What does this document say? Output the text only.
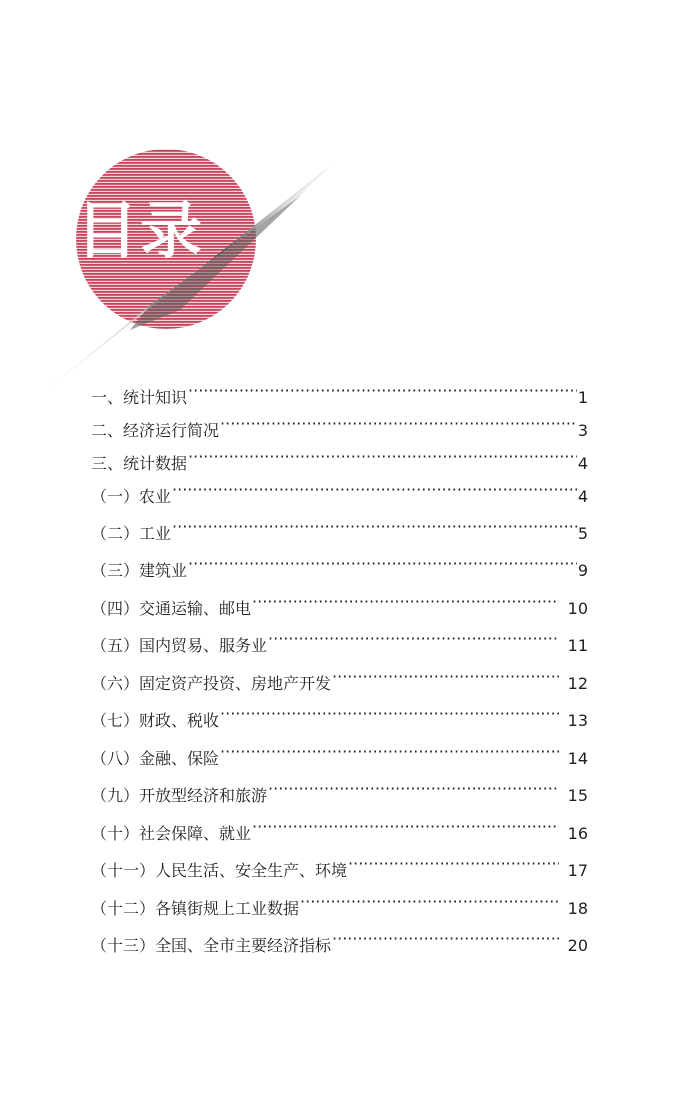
目录
一、统计知识 ·····	1
二、经济运行简况 ·····	3
三、统计数据 ·····	4
（一）农业 ·····	4
（二）工业 ·····	5
（三）建筑业 ·····	9
（四）交通运输、邮电 ·····	10
（五）国内贸易、服务业 ·····	11
（六）固定资产投资、房地产开发 ·····	12
（七）财政、税收 ·····	13
（八）金融、保险 ·····	14
（九）开放型经济和旅游 ·····	15
（十）社会保障、就业 ·····	16
（十一）人民生活、安全生产、环境 ·····	17
（十二）各镇街规上工业数据 ·····	18
（十三）全国、全市主要经济指标 ·····	20
